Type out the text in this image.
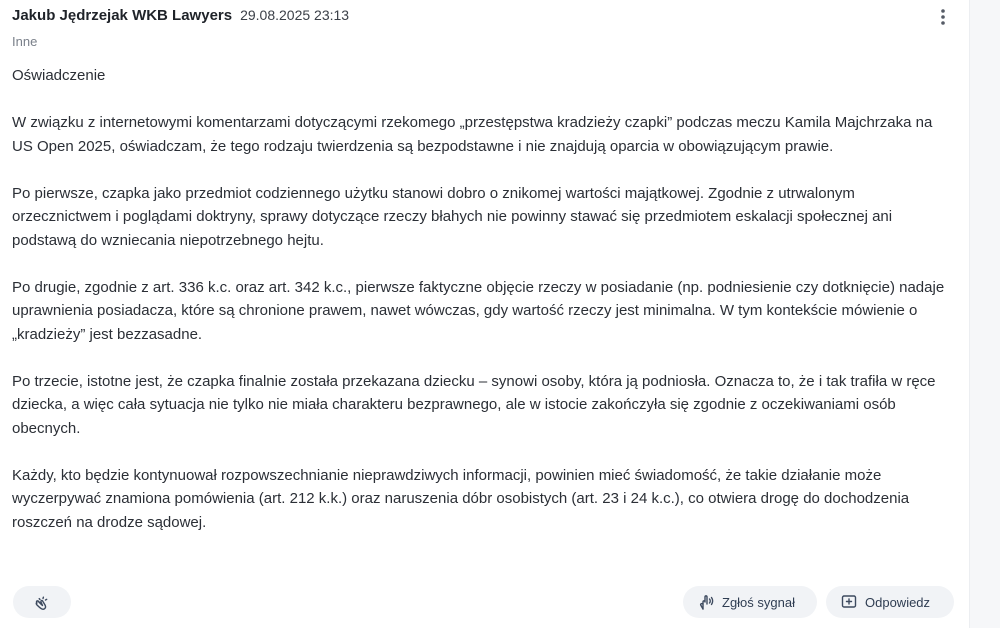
Jakub Jędrzejak WKB Lawyers 29.08.2025 23:13
Inne

Oświadczenie

W związku z internetowymi komentarzami dotyczącymi rzekomego „przestępstwa kradzieży czapki” podczas meczu Kamila Majchrzaka na US Open 2025, oświadczam, że tego rodzaju twierdzenia są bezpodstawne i nie znajdują oparcia w obowiązującym prawie.

Po pierwsze, czapka jako przedmiot codziennego użytku stanowi dobro o znikomej wartości majątkowej. Zgodnie z utrwalonym orzecznictwem i poglądami doktryny, sprawy dotyczące rzeczy błahych nie powinny stawać się przedmiotem eskalacji społecznej ani podstawą do wzniecania niepotrzebnego hejtu.

Po drugie, zgodnie z art. 336 k.c. oraz art. 342 k.c., pierwsze faktyczne objęcie rzeczy w posiadanie (np. podniesienie czy dotknięcie) nadaje uprawnienia posiadacza, które są chronione prawem, nawet wówczas, gdy wartość rzeczy jest minimalna. W tym kontekście mówienie o „kradzieży” jest bezzasadne.

Po trzecie, istotne jest, że czapka finalnie została przekazana dziecku – synowi osoby, która ją podniosła. Oznacza to, że i tak trafiła w ręce dziecka, a więc cała sytuacja nie tylko nie miała charakteru bezprawnego, ale w istocie zakończyła się zgodnie z oczekiwaniami osób obecnych.

Każdy, kto będzie kontynuował rozpowszechnianie nieprawdziwych informacji, powinien mieć świadomość, że takie działanie może wyczerpywać znamiona pomówienia (art. 212 k.k.) oraz naruszenia dóbr osobistych (art. 23 i 24 k.c.), co otwiera drogę do dochodzenia roszczeń na drodze sądowej.

Zgłoś sygnał	Odpowiedz
